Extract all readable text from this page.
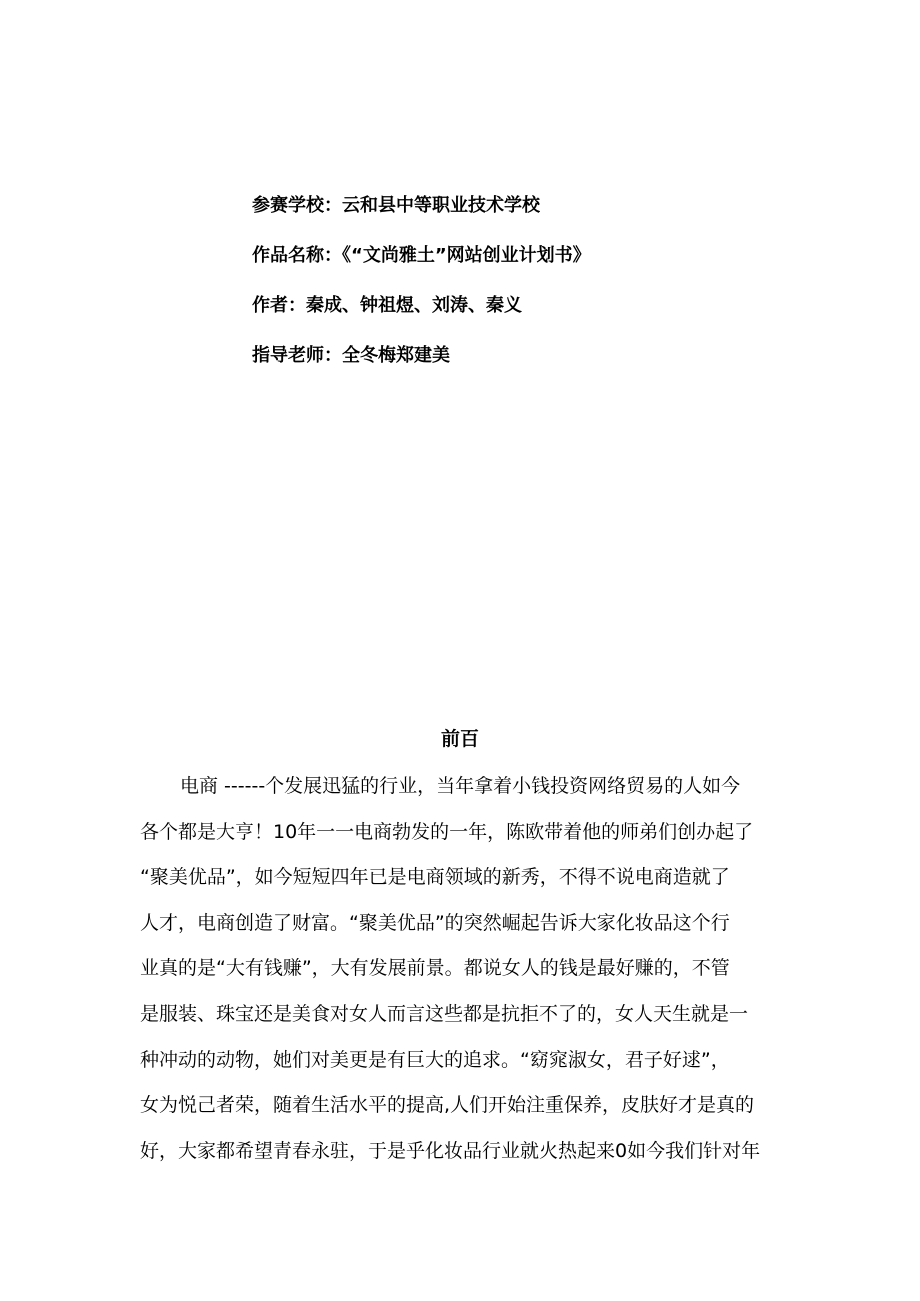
参赛学校：云和县中等职业技术学校
作品名称：《“文尚雅土”网站创业计划书》
作者：秦成、钟祖煜、刘涛、秦义
指导老师：全冬梅郑建美
前百
电商 ------个发展迅猛的行业，当年拿着小钱投资网络贸易的人如今
各个都是大亨！10年一一电商勃发的一年，陈欧带着他的师弟们创办起了
“聚美优品”，如今短短四年已是电商领域的新秀，不得不说电商造就了
人才，电商创造了财富。“聚美优品”的突然崛起告诉大家化妆品这个行
业真的是“大有钱赚”，大有发展前景。都说女人的钱是最好赚的，不管
是服装、珠宝还是美食对女人而言这些都是抗拒不了的，女人天生就是一
种冲动的动物，她们对美更是有巨大的追求。“窈窕淑女，君子好逑”，
女为悦己者荣，随着生活水平的提高,人们开始注重保养，皮肤好才是真的
好，大家都希望青春永驻，于是乎化妆品行业就火热起来0如今我们针对年
